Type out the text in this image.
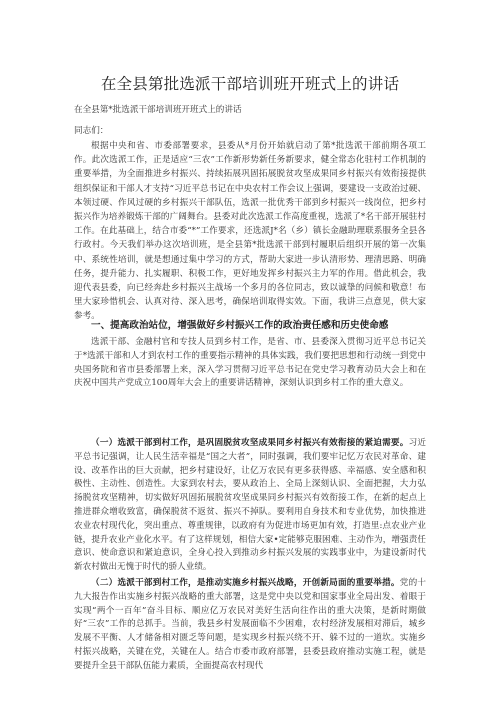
在全县第批选派干部培训班开班式上的讲话
在全县第*批选派干部培训班开班式上的讲话
同志们：

根据中央和省、市委部署要求，县委从*月份开始就启动了第*批选派干部前期各项工作。此次选派工作，正是适应“三农”工作新形势新任务新要求，健全常态化驻村工作机制的重要举措，为全面推进乡村振兴、持续拓展巩固拓展脱贫攻坚成果同乡村振兴有效衔接提供组织保证和干部人才支持“习近平总书记在中央农村工作会议上强调，要建设一支政治过硬、本领过硬、作风过硬的乡村振兴干部队伍，选派一批优秀干部到乡村振兴一线岗位，把乡村振兴作为培养锻炼干部的广阔舞台。县委对此次选派工作高度重视，选派了*名干部开展驻村工作。在此基础上，结合市委“*”工作要求，还选派J*名（乡）镇长金融助理联系服务全县各行政村。今天我们举办这次培训班，是全县第*批选派干部到村履职后组织开展的第一次集中、系统性培训，就是想通过集中学习的方式，帮助大家进一步认清形势、理清思路、明确任务，提升能力、扎实履职、积极工作，更好地发挥乡村振兴主力军的作用。借此机会，我迎代表县委，向已经奔赴乡村振兴主战场一个多月的各位同志，致以诚挚的问候和敬意！布里大家珍惜机会、认真对待、深入思考，确保培训取得实效。下面，我讲三点意见，供大家参考。

一、提高政治站位，增强做好乡村振兴工作的政治责任感和历史使命感

选派干部、金融村官和专技人员到乡村工作，是省、市、县委深入贯彻习近平总书记关于*选派干部和人才到农村工作的重要指示精神的具体实践，我们要把思想和行动统一到党中央国务院和省市县委部署上来，深入学习贯彻习近平总书记在党史学习教育动员大会上和在庆祝中国共产党成立100周年大会上的重要讲话精神，深刻认识到乡村工作的重大意义。

（一）选派干部到村工作，是巩固脱贫攻坚成果同乡村振兴有效衔接的紧迫需要。习近平总书记强调，让人民生活幸福是“国之大者”，同时强调，我们要牢记忆万农民对革命、建设、改革作出的巨大贡献，把乡村建设好，让亿万农民有更多获得感、幸福感、安全感和积极性、主动性、创造性。大家到农村去，要从政治上、全局上深刻认识、全面把握，大力弘扬脱贫攻坚精神，切实做好巩固拓展脱贫攻坚成果同乡村振兴有效衔接工作，在新的起点上推进群众增收致富，确保脱贫不返贫、振兴不掉队。要利用自身技术和专业优势，加快推进农业农村现代化，突出重点、尊重规律，以政府有为促进市场更加有效，打造里:点农业产业链，提升农业产业化水平。有了这样规划，相信大家•定能够克服困难、主动作为，增强责任意识、使命意识和紧迫意识，全身心投入到推动乡村振兴发展的实践事业中，为建设新时代新农村做出无愧于时代的骄人业绩。

（二）选派干部到村工作，是推动实施乡村振兴战略，开创新局面的重要举措。党的十九大报告作出实施乡村振兴战略的重大部署，这是党中央以党和国家事业全局出发、着眼于实现“两个一百年”奋斗目标、顺应亿万农民对美好生活向往作出的重大决策，是新时期做好“三农”工作的总抓手。当前，我县乡村发展面临不少困难，农村经济发展相对滞后，城乡发展不平衡、人才储备相对匮乏等问题，是实现乡村振兴绕不开、躲不过的一道坎。实施乡村振兴战略，关键在党，关键在人。结合市委市政府部署，县委县政府推动实施工程，就是要提升全县干部队伍能力素质，全面提高农村现代
